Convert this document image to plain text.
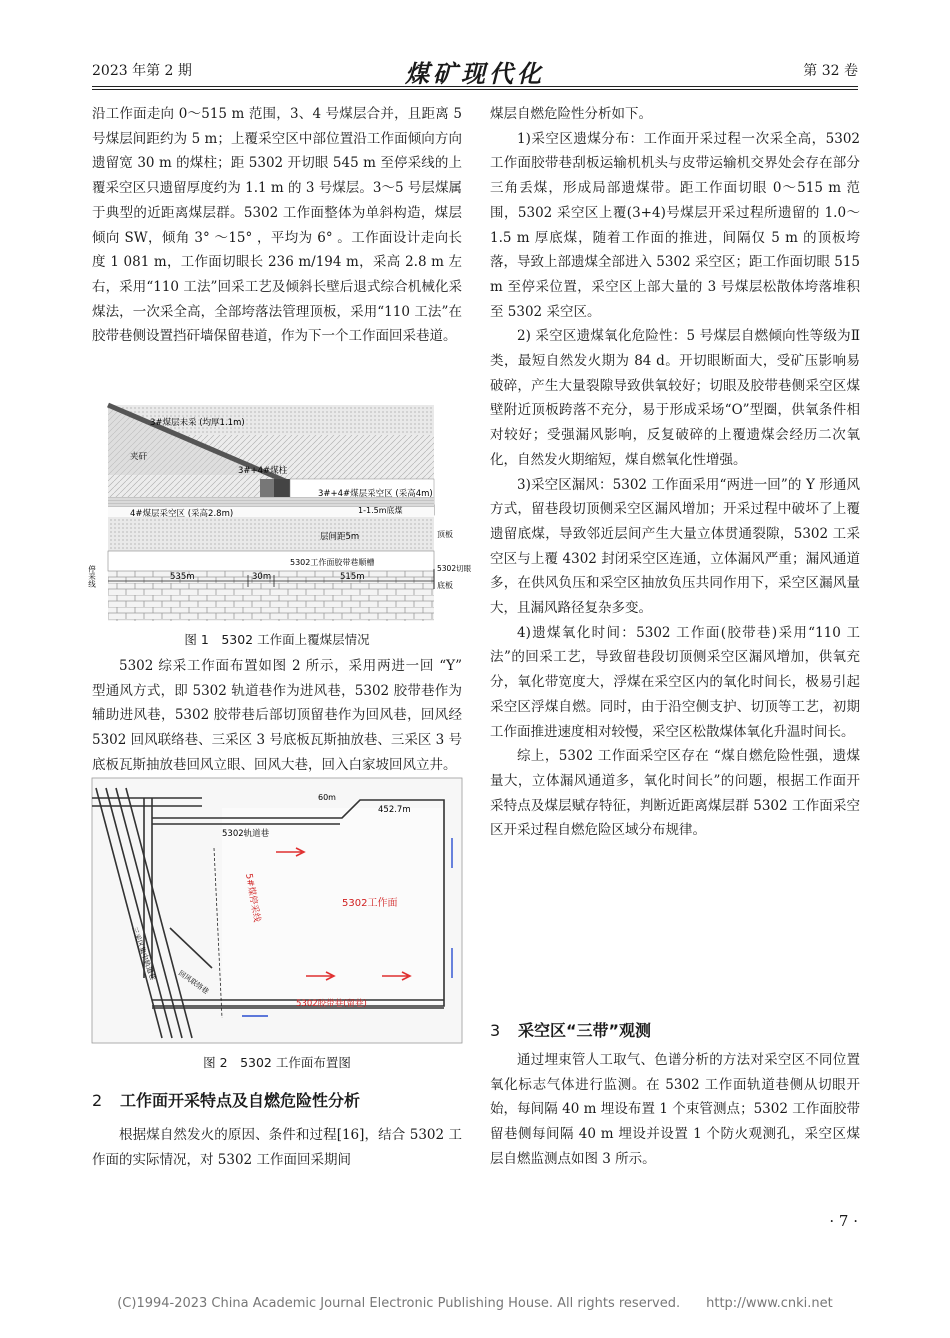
2023 年第 2 期	煤矿现代化	第 32 卷

沿工作面走向 0～515 m 范围，3、4 号煤层合并，且距离 5 号煤层间距约为 5 m；上覆采空区中部位置沿工作面倾向方向遗留宽 30 m 的煤柱；距 5302 开切眼 545 m 至停采线的上覆采空区只遗留厚度约为 1.1 m 的 3 号煤层。3～5 号层煤属于典型的近距离煤层群。5302 工作面整体为单斜构造，煤层倾向 SW，倾角 3° ～15° ，平均为 6° 。工作面设计走向长度 1 081 m，工作面切眼长 236 m/194 m，采高 2.8 m 左右，采用“110 工法”回采工艺及倾斜长壁后退式综合机械化采煤法，一次采全高，全部垮落法管理顶板，采用“110 工法”在胶带巷侧设置挡矸墙保留巷道，作为下一个工作面回采巷道。

3#煤层未采 (均厚1.1m)
夹矸
3#+4#煤柱
3#+4#煤层采空区 (采高4m)
4#煤层采空区 (采高2.8m)	1-1.5m底煤
层间距5m
5302工作面胶带巷顺槽
顶板
5302切眼
底板
停采线	535m	30m	515m
图 1　5302 工作面上覆煤层情况

5302 综采工作面布置如图 2 所示，采用两进一回 “Y” 型通风方式，即 5302 轨道巷作为进风巷，5302 胶带巷作为辅助进风巷，5302 胶带巷后部切顶留巷作为回风巷，回风经 5302 回风联络巷、三采区 3 号底板瓦斯抽放巷、三采区 3 号底板瓦斯抽放巷回风立眼、回风大巷，回入白家坡回风立井。

5302轨道巷
60m
452.7m
5302工作面
5#煤停采线
5302胶带巷(留巷)
三采区集中轨道巷
回风联络巷
图 2　5302 工作面布置图
2 工作面开采特点及自燃危险性分析

根据煤自然发火的原因、条件和过程[16]，结合 5302 工作面的实际情况，对 5302 工作面回采期间

煤层自燃危险性分析如下。

1)采空区遗煤分布：工作面开采过程一次采全高，5302 工作面胶带巷刮板运输机机头与皮带运输机交界处会存在部分三角丢煤，形成局部遗煤带。距工作面切眼 0～515 m 范围，5302 采空区上覆(3+4)号煤层开采过程所遗留的 1.0～1.5 m 厚底煤，随着工作面的推进，间隔仅 5 m 的顶板垮落，导致上部遗煤全部进入 5302 采空区；距工作面切眼 515 m 至停采位置，采空区上部大量的 3 号煤层松散体垮落堆积至 5302 采空区。

2) 采空区遗煤氧化危险性：5 号煤层自燃倾向性等级为Ⅱ类，最短自然发火期为 84 d。开切眼断面大，受矿压影响易破碎，产生大量裂隙导致供氧较好；切眼及胶带巷侧采空区煤壁附近顶板跨落不充分，易于形成采场“O”型圈，供氧条件相对较好；受强漏风影响，反复破碎的上覆遗煤会经历二次氧化，自然发火期缩短，煤自燃氧化性增强。

3)采空区漏风：5302 工作面采用“两进一回”的 Y 形通风方式，留巷段切顶侧采空区漏风增加；开采过程中破坏了上覆遗留底煤，导致邻近层间产生大量立体贯通裂隙，5302 工采空区与上覆 4302 封闭采空区连通，立体漏风严重；漏风通道多，在供风负压和采空区抽放负压共同作用下，采空区漏风量大，且漏风路径复杂多变。

4)遗煤氧化时间：5302 工作面(胶带巷)采用“110 工法”的回采工艺，导致留巷段切顶侧采空区漏风增加，供氧充分，氧化带宽度大，浮煤在采空区内的氧化时间长，极易引起采空区浮煤自燃。同时，由于沿空侧支护、切顶等工艺，初期工作面推进速度相对较慢，采空区松散煤体氧化升温时间长。

综上，5302 工作面采空区存在 “煤自燃危险性强，遗煤量大，立体漏风通道多，氧化时间长”的问题，根据工作面开采特点及煤层赋存特征，判断近距离煤层群 5302 工作面采空区开采过程自燃危险区域分布规律。

3 采空区“三带”观测

通过埋束管人工取气、色谱分析的方法对采空区不同位置氧化标志气体进行监测。在 5302 工作面轨道巷侧从切眼开始，每间隔 40 m 埋设布置 1 个束管测点；5302 工作面胶带留巷侧每间隔 40 m 埋设并设置 1 个防火观测孔，采空区煤层自燃监测点如图 3 所示。

· 7 ·
(C)1994-2023 China Academic Journal Electronic Publishing House. All rights reserved.　　http://www.cnki.net
